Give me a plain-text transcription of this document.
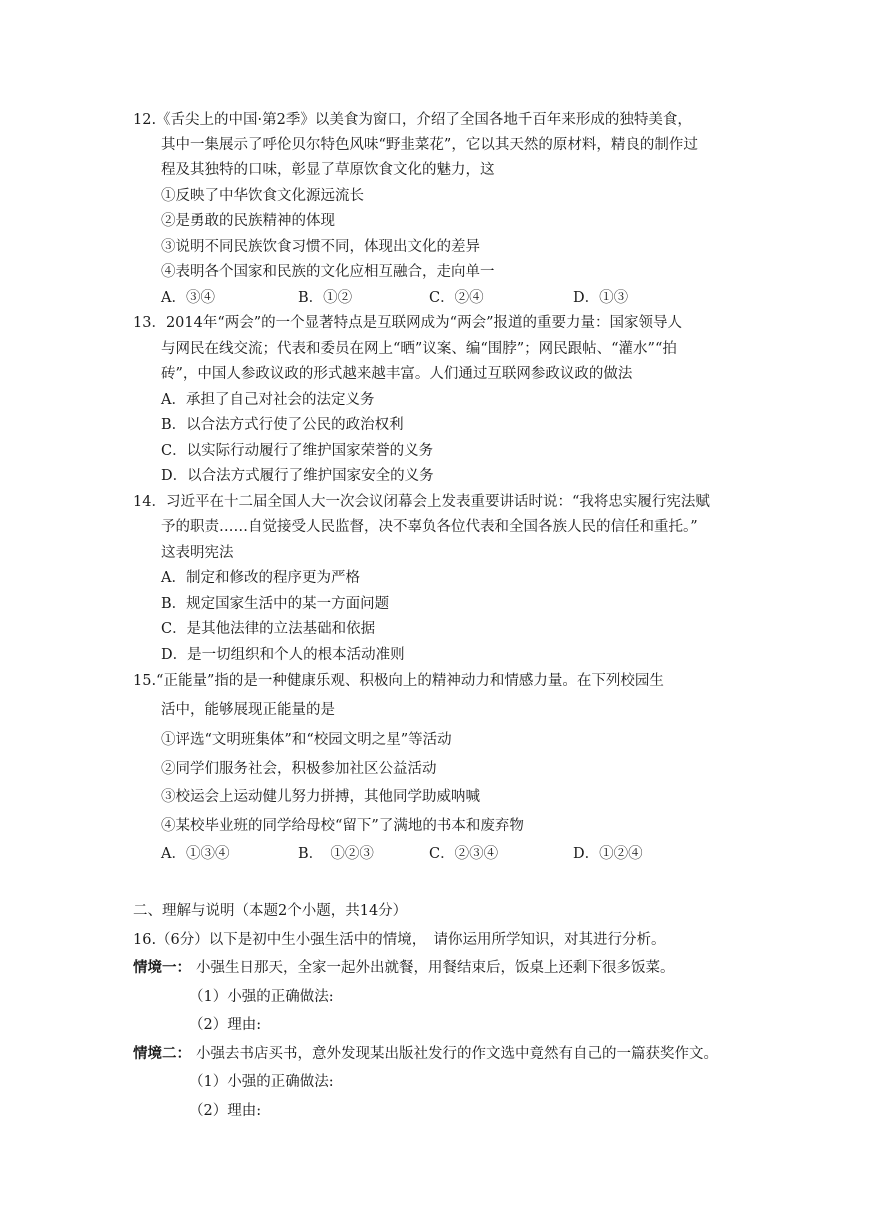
12.《舌尖上的中国·第2季》以美食为窗口，介绍了全国各地千百年来形成的独特美食，
其中一集展示了呼伦贝尔特色风味“野韭菜花”，它以其天然的原材料，精良的制作过
程及其独特的口味，彰显了草原饮食文化的魅力，这
①反映了中华饮食文化源远流长
②是勇敢的民族精神的体现
③说明不同民族饮食习惯不同，体现出文化的差异
④表明各个国家和民族的文化应相互融合，走向单一
A．③④	B．①②	C．②④	D．①③
13．2014年“两会”的一个显著特点是互联网成为“两会”报道的重要力量：国家领导人
与网民在线交流；代表和委员在网上“晒”议案、编“围脖”；网民跟帖、“灌水”“拍
砖”，中国人参政议政的形式越来越丰富。人们通过互联网参政议政的做法
A．承担了自己对社会的法定义务
B．以合法方式行使了公民的政治权利
C．以实际行动履行了维护国家荣誉的义务
D．以合法方式履行了维护国家安全的义务
14．习近平在十二届全国人大一次会议闭幕会上发表重要讲话时说：“我将忠实履行宪法赋
予的职责……自觉接受人民监督，决不辜负各位代表和全国各族人民的信任和重托。”
这表明宪法
A．制定和修改的程序更为严格
B．规定国家生活中的某一方面问题
C．是其他法律的立法基础和依据
D．是一切组织和个人的根本活动准则
15.“正能量”指的是一种健康乐观、积极向上的精神动力和情感力量。在下列校园生
活中，能够展现正能量的是
①评选“文明班集体”和“校园文明之星”等活动
②同学们服务社会，积极参加社区公益活动
③校运会上运动健儿努力拼搏，其他同学助威呐喊
④某校毕业班的同学给母校“留下”了满地的书本和废弃物
A．①③④	B．　①②③	C．②③④	D．①②④
二、理解与说明（本题2个小题，共14分）
16.（6分）以下是初中生小强生活中的情境，　请你运用所学知识，对其进行分析。
情境一： 小强生日那天，全家一起外出就餐，用餐结束后，饭桌上还剩下很多饭菜。
（1）小强的正确做法:
（2）理由:
情境二： 小强去书店买书，意外发现某出版社发行的作文选中竟然有自己的一篇获奖作文。
（1）小强的正确做法:
（2）理由:
